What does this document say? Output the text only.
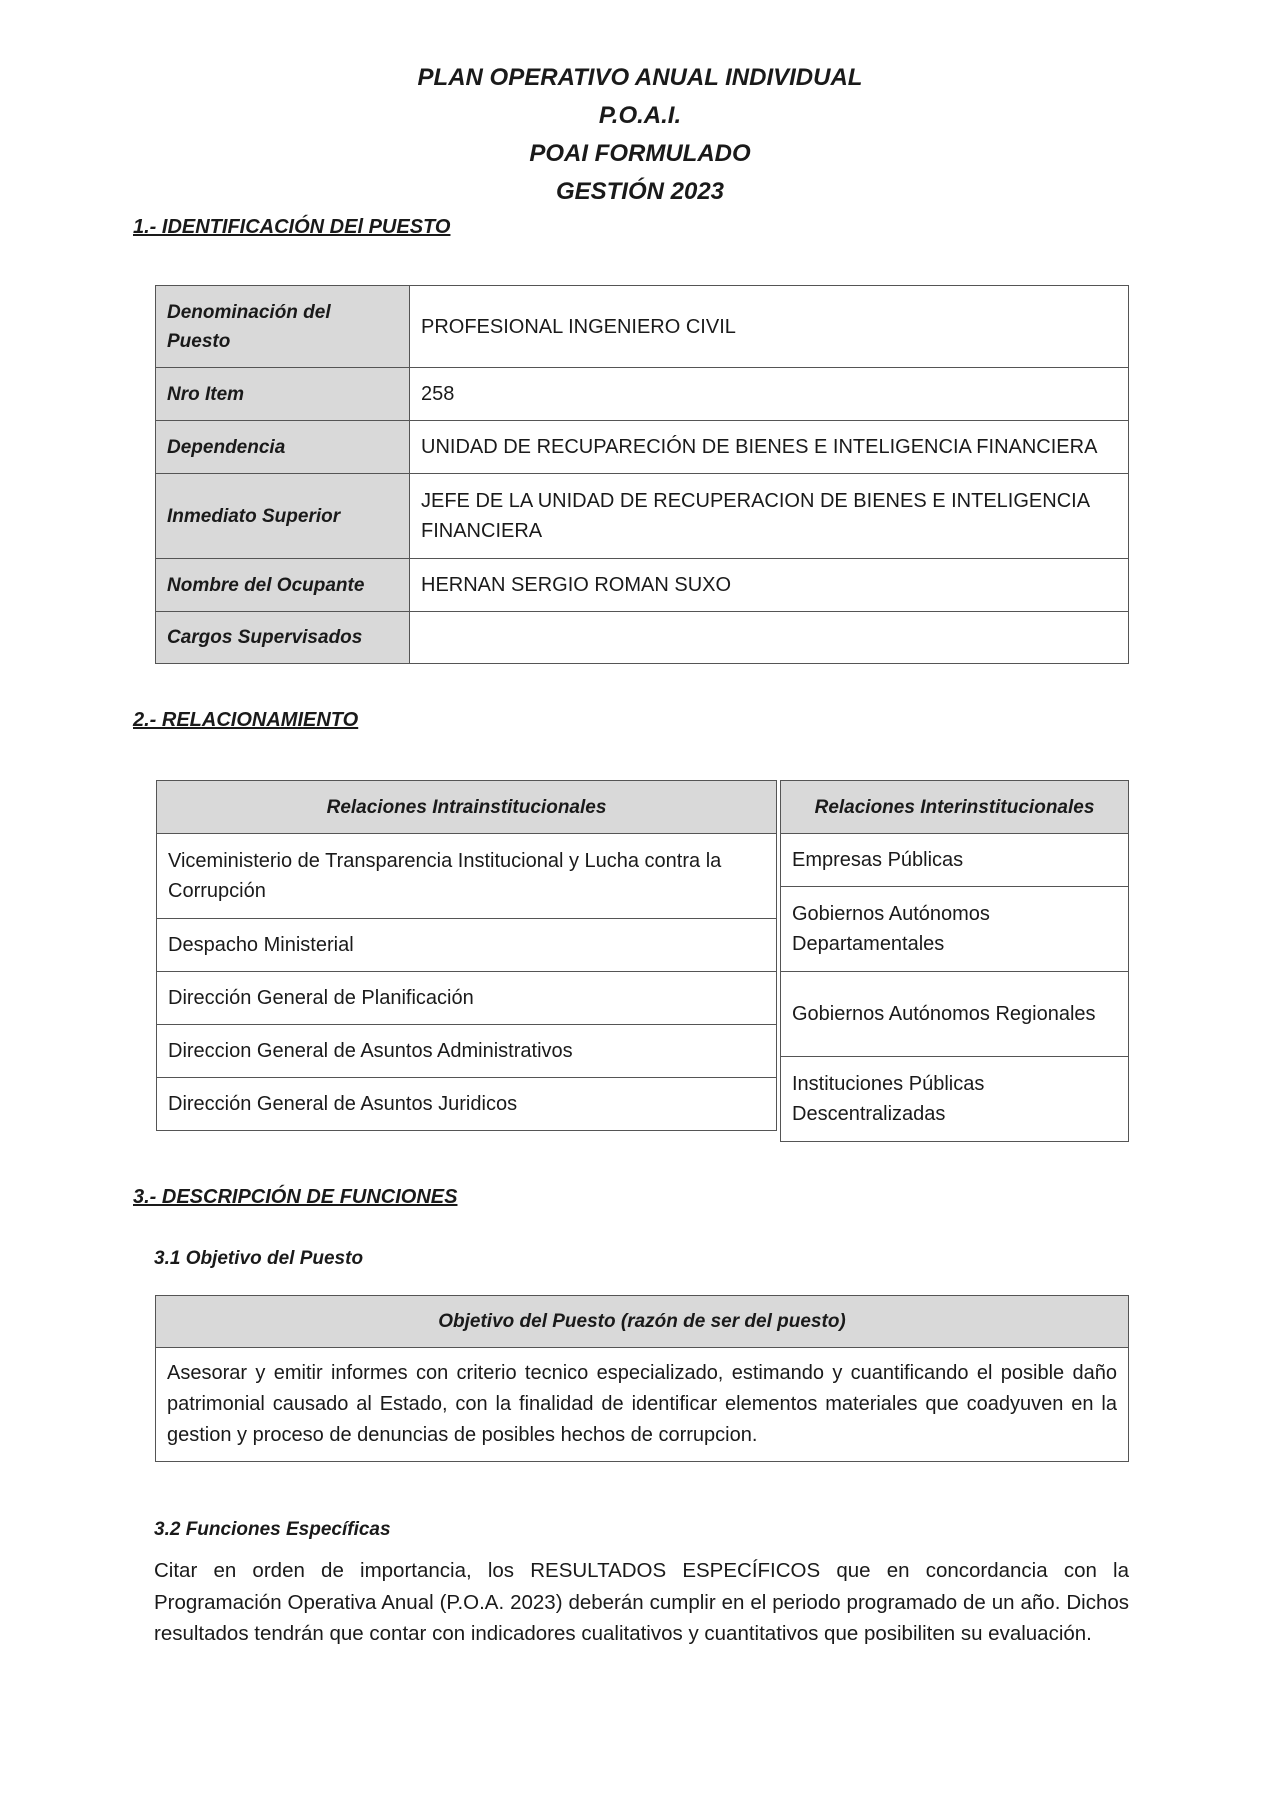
PLAN OPERATIVO ANUAL INDIVIDUAL
P.O.A.I.
POAI FORMULADO
GESTIÓN 2023
1.- IDENTIFICACIÓN DEl PUESTO
Denominación del Puesto	PROFESIONAL INGENIERO CIVIL
Nro Item	258
Dependencia	UNIDAD DE RECUPARECIÓN DE BIENES E INTELIGENCIA FINANCIERA
Inmediato Superior	JEFE DE LA UNIDAD DE RECUPERACION DE BIENES E INTELIGENCIA FINANCIERA
Nombre del Ocupante	HERNAN SERGIO ROMAN SUXO
Cargos Supervisados	
2.- RELACIONAMIENTO
Relaciones Intrainstitucionales
Viceministerio de Transparencia Institucional y Lucha contra la Corrupción
Despacho Ministerial
Dirección General de Planificación
Direccion General de Asuntos Administrativos
Dirección General de Asuntos Juridicos
Relaciones Interinstitucionales
Empresas Públicas
Gobiernos Autónomos Departamentales
Gobiernos Autónomos Regionales
Instituciones Públicas Descentralizadas
3.- DESCRIPCIÓN DE FUNCIONES
3.1 Objetivo del Puesto
Objetivo del Puesto (razón de ser del puesto)
Asesorar y emitir informes con criterio tecnico especializado, estimando y cuantificando el posible daño patrimonial causado al Estado, con la finalidad de identificar elementos materiales que coadyuven en la gestion y proceso de denuncias de posibles hechos de corrupcion.
3.2 Funciones Específicas
Citar en orden de importancia, los RESULTADOS ESPECÍFICOS que en concordancia con la Programación Operativa Anual (P.O.A. 2023) deberán cumplir en el periodo programado de un año. Dichos resultados tendrán que contar con indicadores cualitativos y cuantitativos que posibiliten su evaluación.
